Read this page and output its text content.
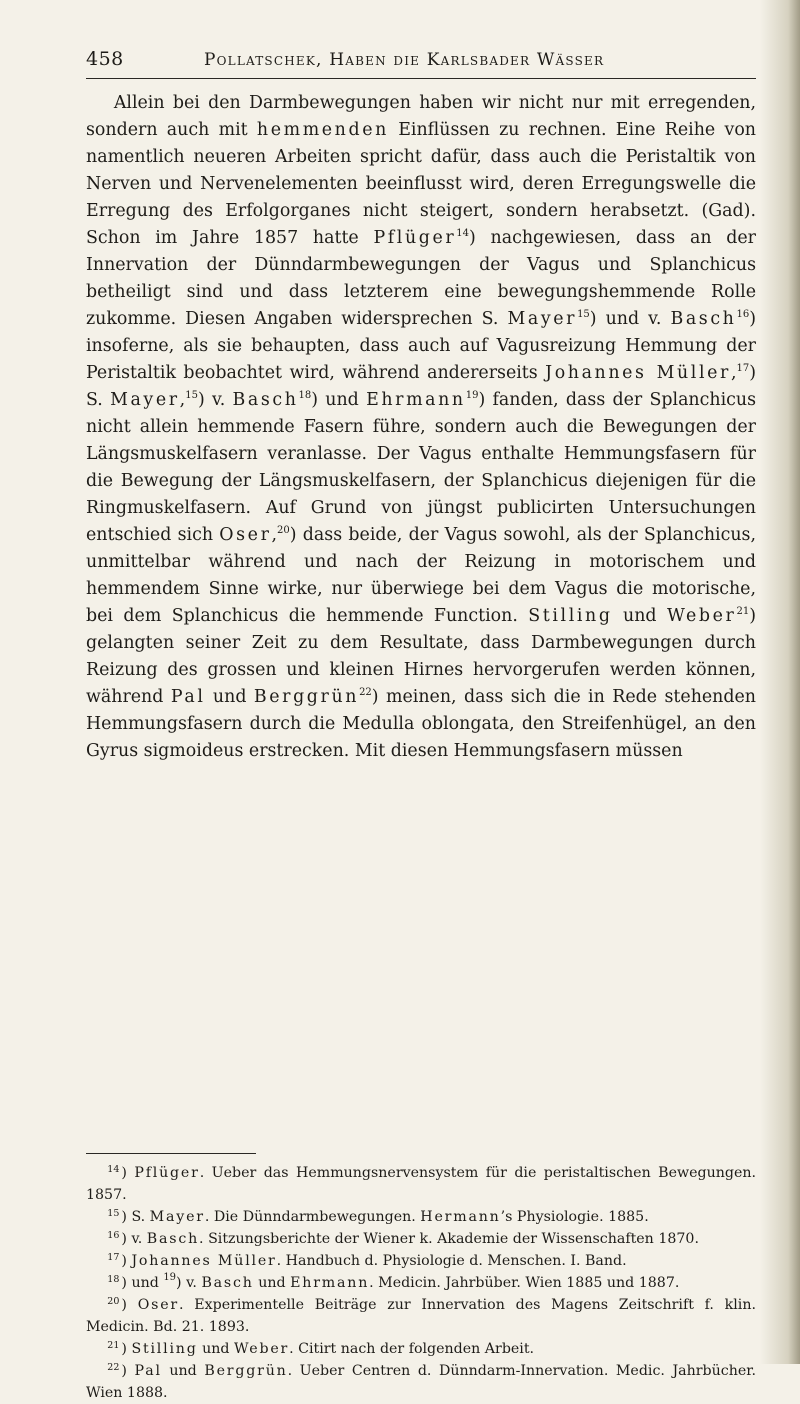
458	Pollatschek, Haben die Karlsbader Wässer

Allein bei den Darmbewegungen haben wir nicht nur mit erregenden, sondern auch mit hemmenden Einflüssen zu rechnen. Eine Reihe von namentlich neueren Arbeiten spricht dafür, dass auch die Peristaltik von Nerven und Nervenelementen beeinflusst wird, deren Erregungswelle die Erregung des Erfolgorganes nicht steigert, sondern herabsetzt. (Gad). Schon im Jahre 1857 hatte Pflüger$^{14}$) nachgewiesen, dass an der Innervation der Dünndarmbewegungen der Vagus und Splanchicus betheiligt sind und dass letzterem eine bewegungshemmende Rolle zukomme. Diesen Angaben widersprechen S. Mayer$^{15}$) und v. Basch$^{16}$) insoferne, als sie behaupten, dass auch auf Vagusreizung Hemmung der Peristaltik beobachtet wird, während andererseits Johannes Müller,$^{17}$) S. Mayer,$^{15}$) v. Basch$^{18}$) und Ehrmann$^{19}$) fanden, dass der Splanchicus nicht allein hemmende Fasern führe, sondern auch die Bewegungen der Längsmuskelfasern veranlasse. Der Vagus enthalte Hemmungsfasern für die Bewegung der Längsmuskelfasern, der Splanchicus diejenigen für die Ringmuskelfasern. Auf Grund von jüngst publicirten Untersuchungen entschied sich Oser,$^{20}$) dass beide, der Vagus sowohl, als der Splanchicus, unmittelbar während und nach der Reizung in motorischem und hemmendem Sinne wirke, nur überwiege bei dem Vagus die motorische, bei dem Splanchicus die hemmende Function. Stilling und Weber$^{21}$) gelangten seiner Zeit zu dem Resultate, dass Darmbewegungen durch Reizung des grossen und kleinen Hirnes hervorgerufen werden können, während Pal und Berggrün$^{22}$) meinen, dass sich die in Rede stehenden Hemmungsfasern durch die Medulla oblongata, den Streifenhügel, an den Gyrus sigmoideus erstrecken. Mit diesen Hemmungsfasern müssen

$^{14}$ ) Pflüger. Ueber das Hemmungsnervensystem für die peristaltischen Bewegungen. 1857.

$^{15}$ ) S. Mayer. Die Dünndarmbewegungen. Hermann’s Physiologie. 1885.

$^{16}$ ) v. Basch. Sitzungsberichte der Wiener k. Akademie der Wissenschaften 1870.

$^{17}$ ) Johannes Müller. Handbuch d. Physiologie d. Menschen. I. Band.

$^{18}$ ) und $^{19}$) v. Basch und Ehrmann. Medicin. Jahrbüber. Wien 1885 und 1887.

$^{20}$ ) Oser. Experimentelle Beiträge zur Innervation des Magens Zeitschrift f. klin. Medicin. Bd. 21. 1893.

$^{21}$ ) Stilling und Weber. Citirt nach der folgenden Arbeit.

$^{22}$ ) Pal und Berggrün. Ueber Centren d. Dünndarm-Innervation. Medic. Jahrbücher. Wien 1888.
